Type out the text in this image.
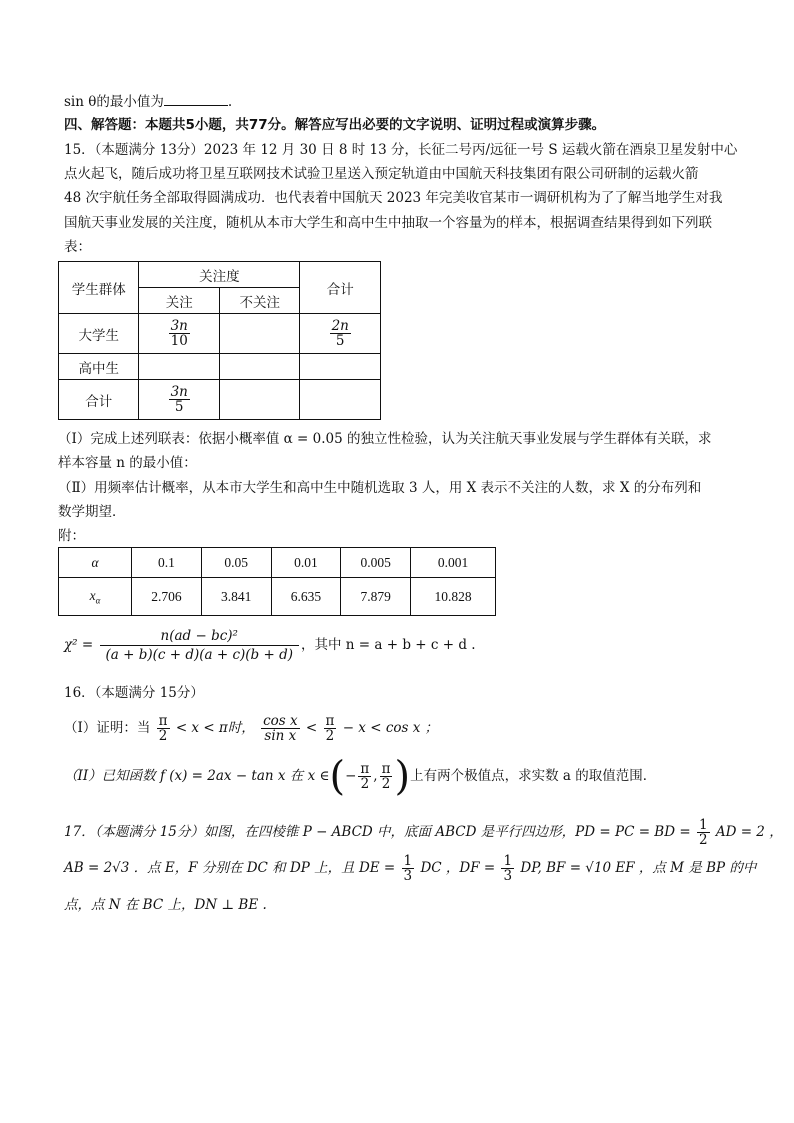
sin θ的最小值为	.
四、解答题：本题共5小题，共77分。解答应写出必要的文字说明、证明过程或演算步骤。
15．（本题满分 13分）2023 年 12 月 30 日 8 时 13 分，长征二号丙/远征一号 S 运载火箭在酒泉卫星发射中心
点火起飞，随后成功将卫星互联网技术试验卫星送入预定轨道由中国航天科技集团有限公司研制的运载火箭
48 次宇航任务全部取得圆满成功．也代表着中国航天 2023 年完美收官某市一调研机构为了了解当地学生对我
国航天事业发展的关注度，随机从本市大学生和高中生中抽取一个容量为的样本，根据调查结果得到如下列联
表：
学生群体	关注度		合计
	关注	不关注	
大学生	$\frac{3n}{10}$		$\frac{2n}{5}$

高中生			
合计	$\frac{3n}{5}$

（I）完成上述列联表：依据小概率值 α = 0.05 的独立性检验，认为关注航天事业发展与学生群体有关联，求
样本容量 n 的最小值：
（Ⅱ）用频率估计概率，从本市大学生和高中生中随机选取 3 人，用 X 表示不关注的人数，求 X 的分布列和
数学期望．
附：
α	0.1	0.05	0.01	0.005	0.001
$x_\alpha$	2.706	3.841	6.635	7.879	10.828
$\chi^2 = \frac{\text{n(ad − bc)²}}{(a + b)(c + d)(a + c)(b + d)}$ ，其中 n = a + b + c + d .
16．（本题满分 15分）
（I）证明：当 $\frac{\pi}{2} < x < \pi$时， $\frac{\text{cos x}}{\text{sin x}} < \frac{\pi}{2} - x < \cos x$ ；
（II）已知函数 f (x) = 2ax − tan x 在 x ∈(− $\frac{\pi}{2}$ , $\frac{\pi}{2}$ )上有两个极值点，求实数 a 的取值范围．
17．（本题满分 15分）如图，在四棱锥 P − ABCD 中，底面 ABCD 是平行四边形，PD = PC = BD = $\frac{1}{2}$ AD = 2 ，
AB = 2√3 ．点 E，F 分别在 DC 和 DP 上，且 DE = $\frac{1}{3}$ DC ，DF = $\frac{1}{3}$ DP, BF = √10 EF ，点 M 是 BP 的中
点，点 N 在 BC 上，DN ⊥ BE .
